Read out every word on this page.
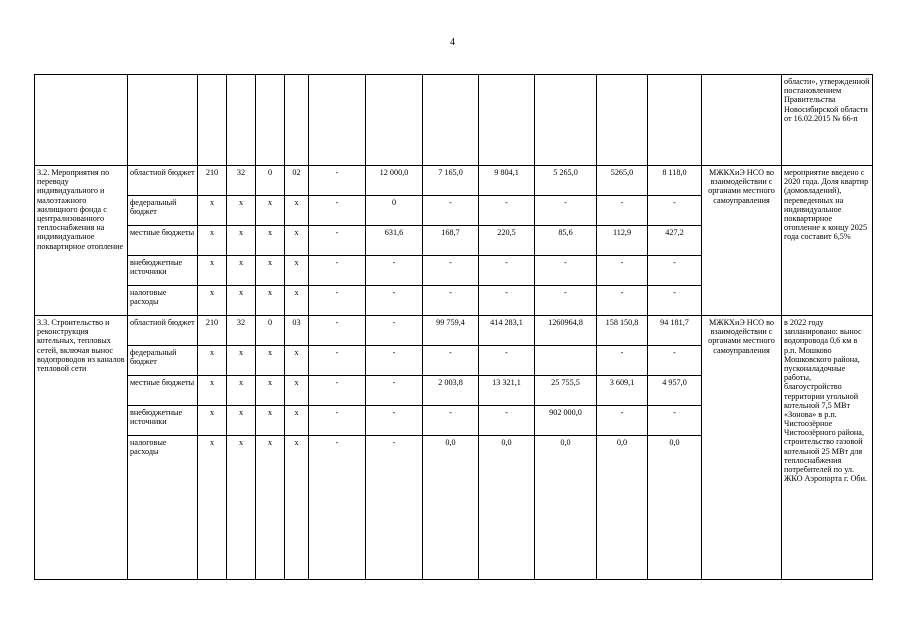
4
														области», утвержденной постановлением Правительства Новосибирской области от 16.02.2015 № 66-п
3.2. Мероприятия по переводу индивидуального и малоэтажного жилищного фонда с централизованного теплоснабжения на индивидуальное поквартирное отопление	областной бюджет	210	32	0	02	-	12 000,0	7 165,0	9 804,1	5 265,0	5265,0	8 118,0	МЖКХиЭ НСО во взаимодействии с органами местного самоуправления	мероприятие введено с 2020 года. Доля квартир (домовладений), переведенных на индивидуальное поквартирное отопление к концу 2025 года составит 6,5%
	федеральный бюджет	х	х	х	х	-	0	-	-	-	-	-		
	местные бюджеты	х	х	х	х	-	631,6	168,7	220,5	85,6	112,9	427,2		
	внебюджетные источники	х	х	х	х	-	-	-	-	-	-	-		
	налоговые расходы	х	х	х	х	-	-	-	-	-	-	-		
3.3. Строительство и реконструкция котельных, тепловых сетей, включая вынос водопроводов из каналов тепловой сети	областной бюджет	210	32	0	03	-	-	99 759,4	414 283,1	1260964,8	158 150,8	94 181,7	МЖКХиЭ НСО во взаимодействии с органами местного самоуправления	в 2022 году запланировано: вынос водопровода 0,6 км в р.п. Мошково Мошковского района, пусконаладочные работы, благоустройство территории угольной котельной 7,5 МВт «Зонова» в р.п. Чистоозёрное Чистоозёрного района, строительство газовой котельной 25 МВт для теплоснабжения потребителей по ул. ЖКО Аэропорта г. Оби.
	федеральный бюджет	х	х	х	х	-	-	-	-		-	-		
	местные бюджеты	х	х	х	х	-	-	2 003,8	13 321,1	25 755,5	3 609,1	4 957,0		
	внебюджетные источники	х	х	х	х	-	-	-	-	902 000,0	-	-		
	налоговые расходы	х	х	х	х	-	-	0,0	0,0	0,0	0,0	0,0		
